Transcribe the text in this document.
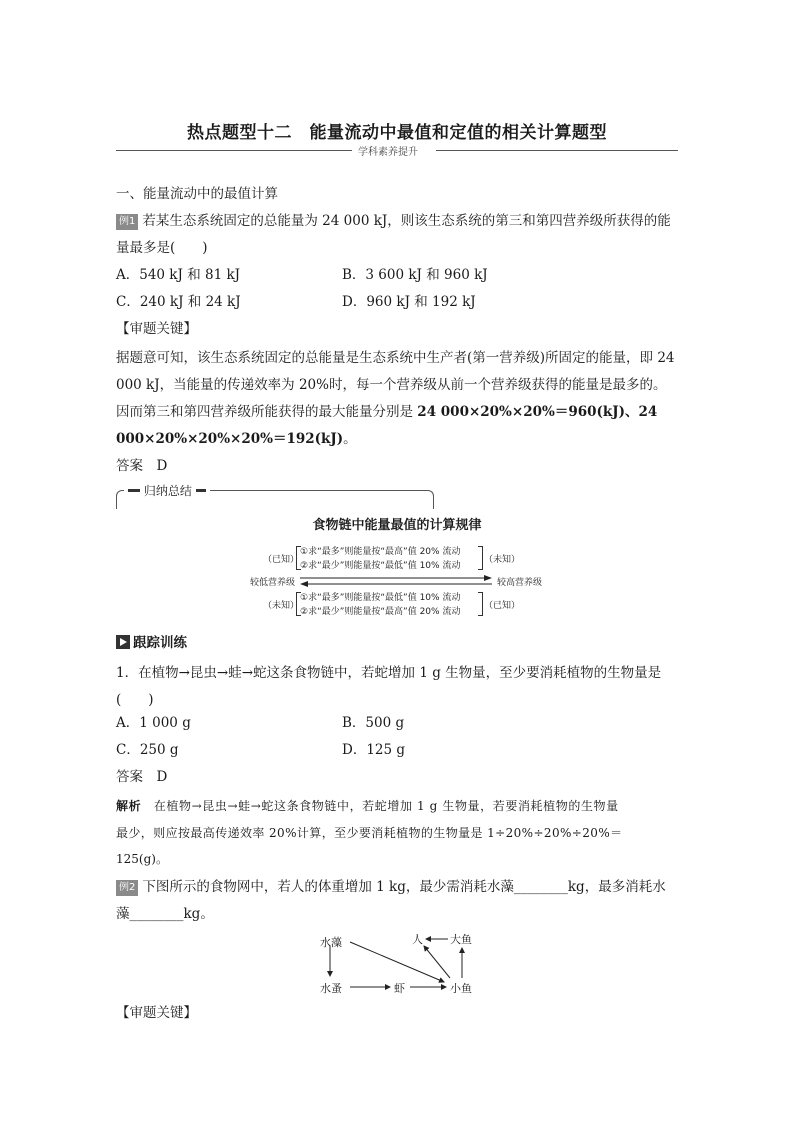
热点题型十二　能量流动中最值和定值的相关计算题型
学科素养提升
一、能量流动中的最值计算
例1 若某生态系统固定的总能量为 24 000 kJ，则该生态系统的第三和第四营养级所获得的能
量最多是(　　)
A．540 kJ 和 81 kJ	B．3 600 kJ 和 960 kJ
C．240 kJ 和 24 kJ	D．960 kJ 和 192 kJ
【审题关键】
据题意可知，该生态系统固定的总能量是生态系统中生产者(第一营养级)所固定的能量，即 24
000 kJ，当能量的传递效率为 20%时，每一个营养级从前一个营养级获得的能量是最多的。
因而第三和第四营养级所能获得的最大能量分别是 24 000×20%×20%＝960(kJ)、24
000×20%×20%×20%＝192(kJ)。
答案　D
归纳总结
食物链中能量最值的计算规律
（已知）
①求“最多”则能量按“最高”值 20% 流动
②求“最少”则能量按“最低”值 10% 流动
（未知）
较低营养级	较高营养级
（未知）
①求“最多”则能量按“最低”值 10% 流动
②求“最少”则能量按“最高”值 20% 流动
（已知）
跟踪训练
1．在植物→昆虫→蛙→蛇这条食物链中，若蛇增加 1 g 生物量，至少要消耗植物的生物量是
(　　)
A．1 000 g	B．500 g
C．250 g	D．125 g
答案　D
解析　 在植物→昆虫→蛙→蛇这条食物链中，若蛇增加 1 g 生物量，若要消耗植物的生物量
最少，则应按最高传递效率 20%计算，至少要消耗植物的生物量是 1÷20%÷20%÷20%＝
125(g)。
例2 下图所示的食物网中，若人的体重增加 1 kg，最少需消耗水藻________kg，最多消耗水
藻________kg。
水藻	人 大鱼
水蚤	虾	小鱼
【审题关键】
